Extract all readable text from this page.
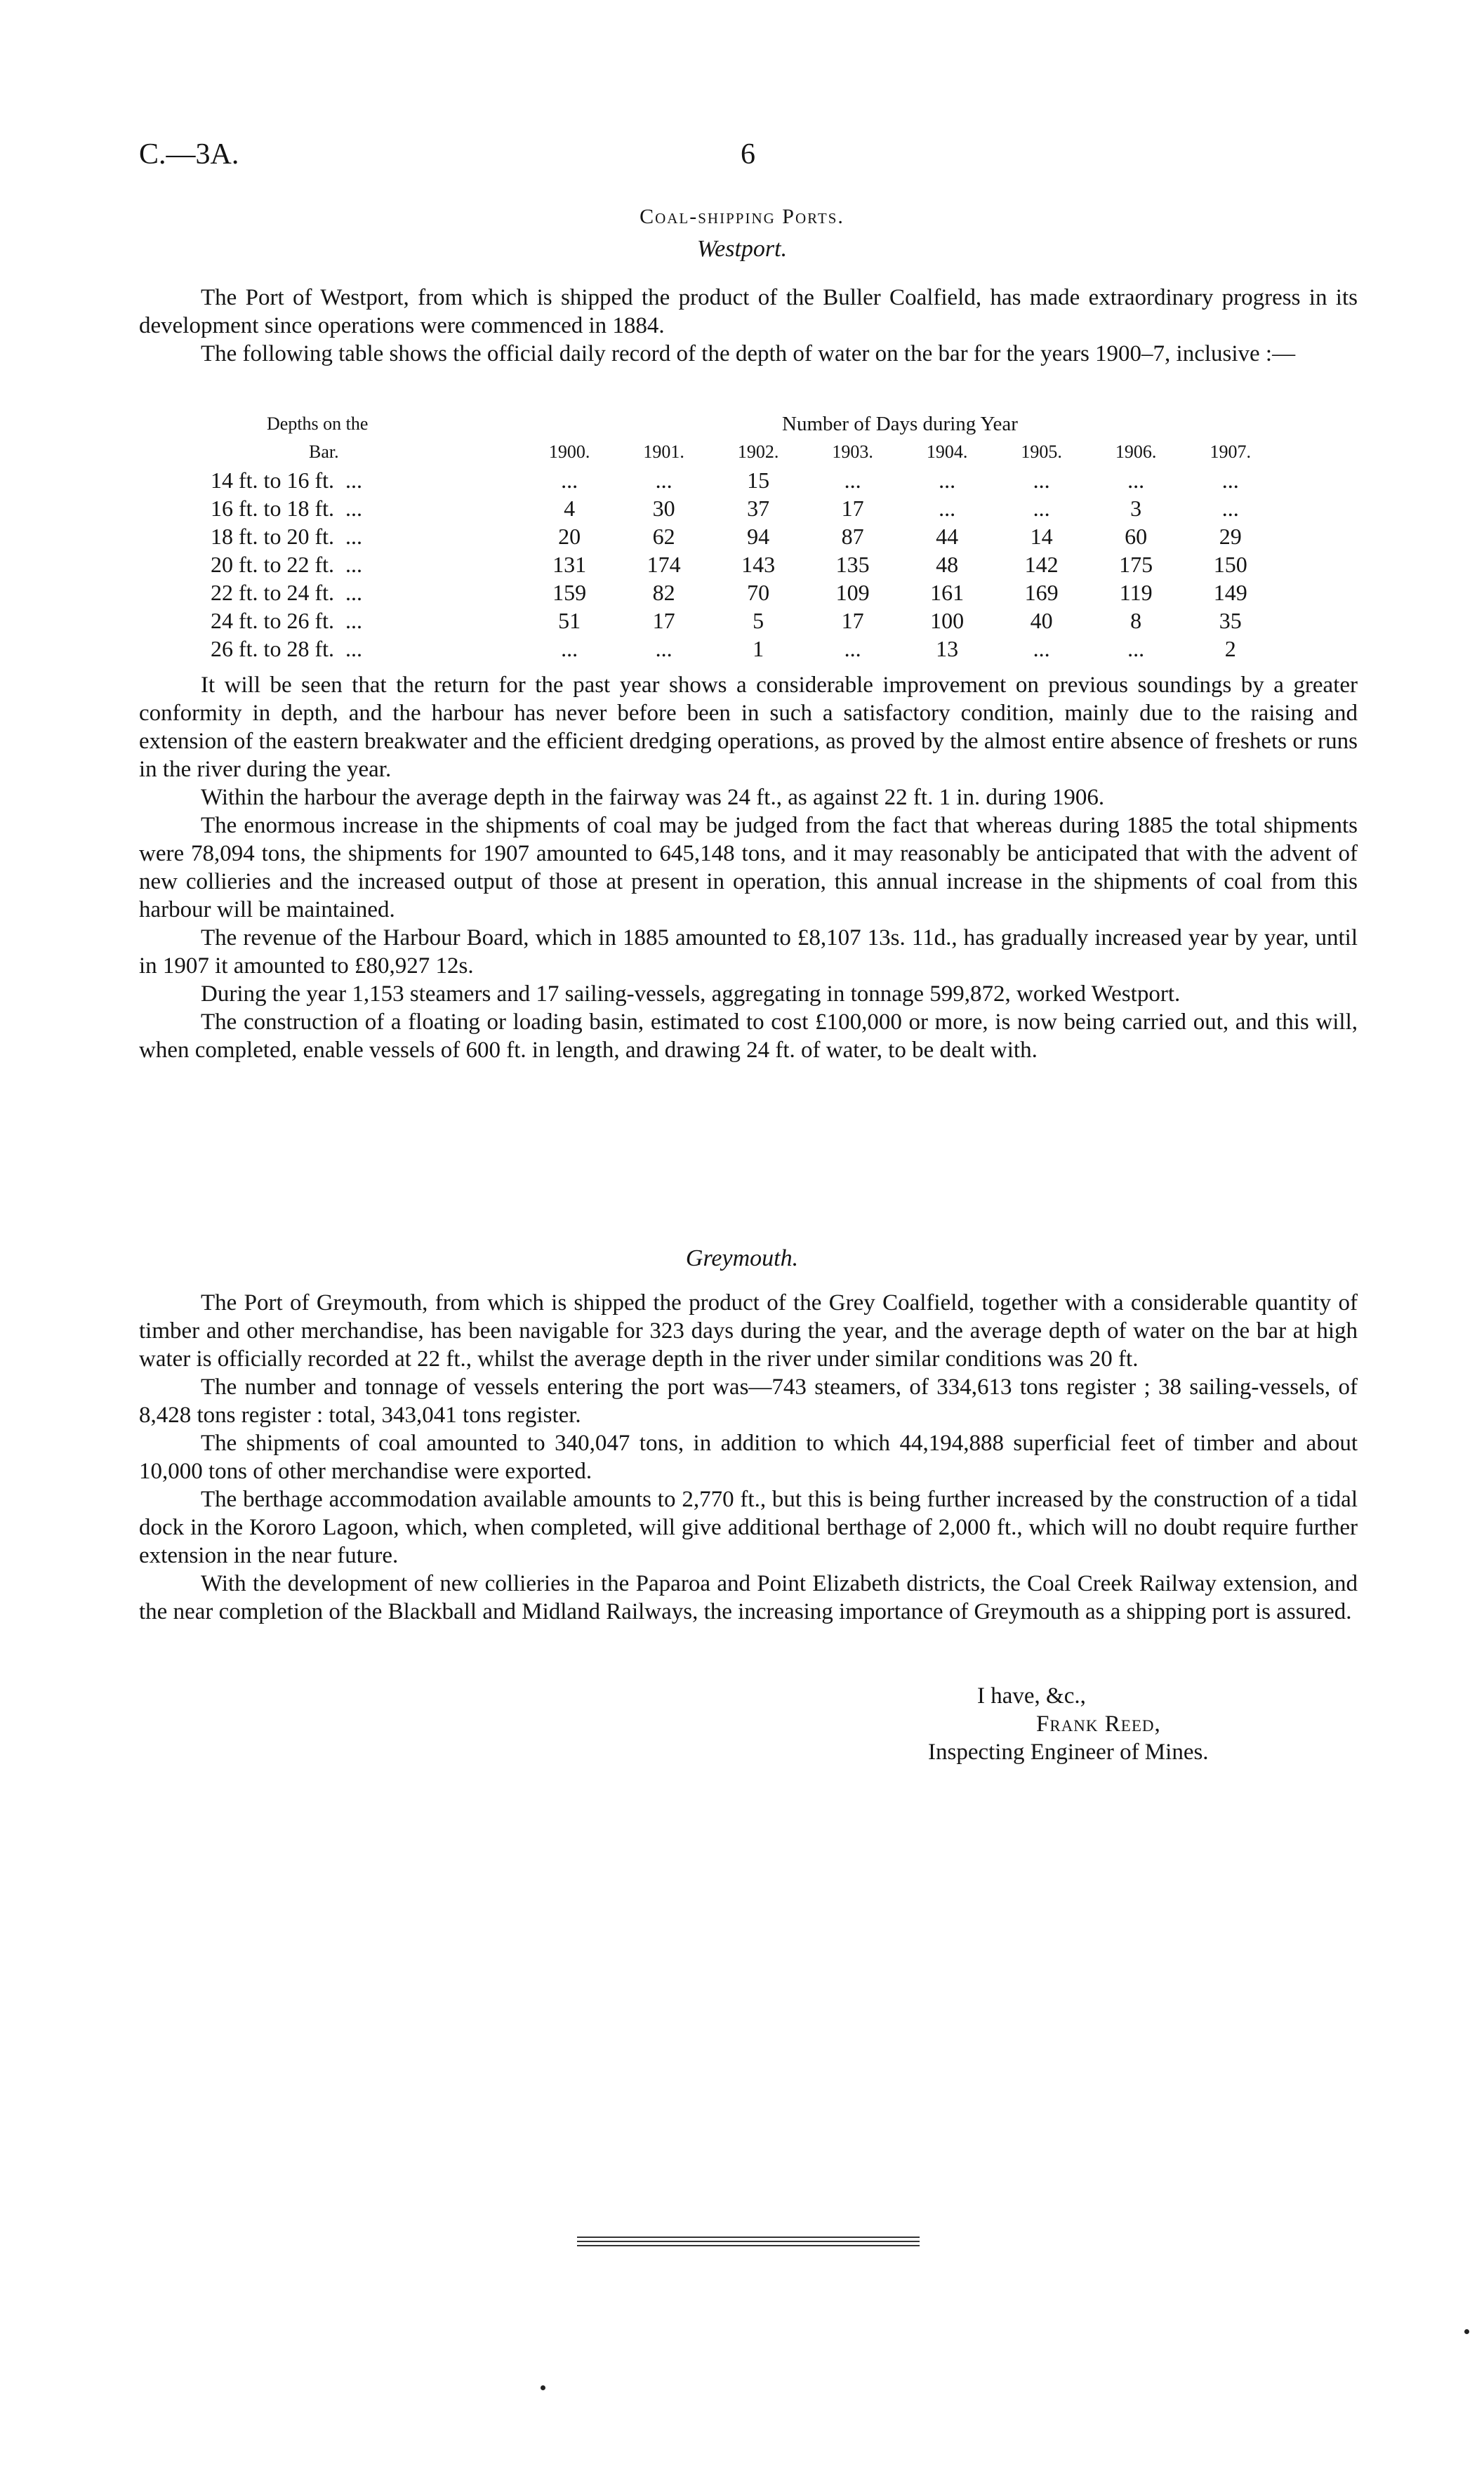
C.—3A.	6
Coal-shipping Ports.
Westport.

The Port of Westport, from which is shipped the product of the Buller Coalfield, has made extraordinary progress in its development since operations were commenced in 1884.

The following table shows the official daily record of the depth of water on the bar for the years 1900–7, inclusive :—

Depths on the	Number of Days during Year							
Bar.	1900.	1901.	1902.	1903.	1904.	1905.	1906.	1907.
14 ft. to 16 ft.  ...	...	...	15	...	...	...	...	...
16 ft. to 18 ft.  ...	4	30	37	17	...	...	3	...
18 ft. to 20 ft.  ...	20	62	94	87	44	14	60	29
20 ft. to 22 ft.  ...	131	174	143	135	48	142	175	150
22 ft. to 24 ft.  ...	159	82	70	109	161	169	119	149
24 ft. to 26 ft.  ...	51	17	5	17	100	40	8	35
26 ft. to 28 ft.  ...	...	...	1	...	13	...	...	2

It will be seen that the return for the past year shows a considerable improvement on previous soundings by a greater conformity in depth, and the harbour has never before been in such a satisfactory condition, mainly due to the raising and extension of the eastern breakwater and the efficient dredging operations, as proved by the almost entire absence of freshets or runs in the river during the year.

Within the harbour the average depth in the fairway was 24 ft., as against 22 ft. 1 in. during 1906.

The enormous increase in the shipments of coal may be judged from the fact that whereas during 1885 the total shipments were 78,094 tons, the shipments for 1907 amounted to 645,148 tons, and it may reasonably be anticipated that with the advent of new collieries and the increased output of those at present in operation, this annual increase in the shipments of coal from this harbour will be maintained.

The revenue of the Harbour Board, which in 1885 amounted to £8,107 13s. 11d., has gradually increased year by year, until in 1907 it amounted to £80,927 12s.

During the year 1,153 steamers and 17 sailing-vessels, aggregating in tonnage 599,872, worked Westport.

The construction of a floating or loading basin, estimated to cost £100,000 or more, is now being carried out, and this will, when completed, enable vessels of 600 ft. in length, and drawing 24 ft. of water, to be dealt with.

Greymouth.

The Port of Greymouth, from which is shipped the product of the Grey Coalfield, together with a considerable quantity of timber and other merchandise, has been navigable for 323 days during the year, and the average depth of water on the bar at high water is officially recorded at 22 ft., whilst the average depth in the river under similar conditions was 20 ft.

The number and tonnage of vessels entering the port was—743 steamers, of 334,613 tons register ; 38 sailing-vessels, of 8,428 tons register : total, 343,041 tons register.

The shipments of coal amounted to 340,047 tons, in addition to which 44,194,888 superficial feet of timber and about 10,000 tons of other merchandise were exported.

The berthage accommodation available amounts to 2,770 ft., but this is being further increased by the construction of a tidal dock in the Kororo Lagoon, which, when completed, will give additional berthage of 2,000 ft., which will no doubt require further extension in the near future.

With the development of new collieries in the Paparoa and Point Elizabeth districts, the Coal Creek Railway extension, and the near completion of the Blackball and Midland Railways, the increasing importance of Greymouth as a shipping port is assured.

I have, &c.,
Frank Reed,
Inspecting Engineer of Mines.
